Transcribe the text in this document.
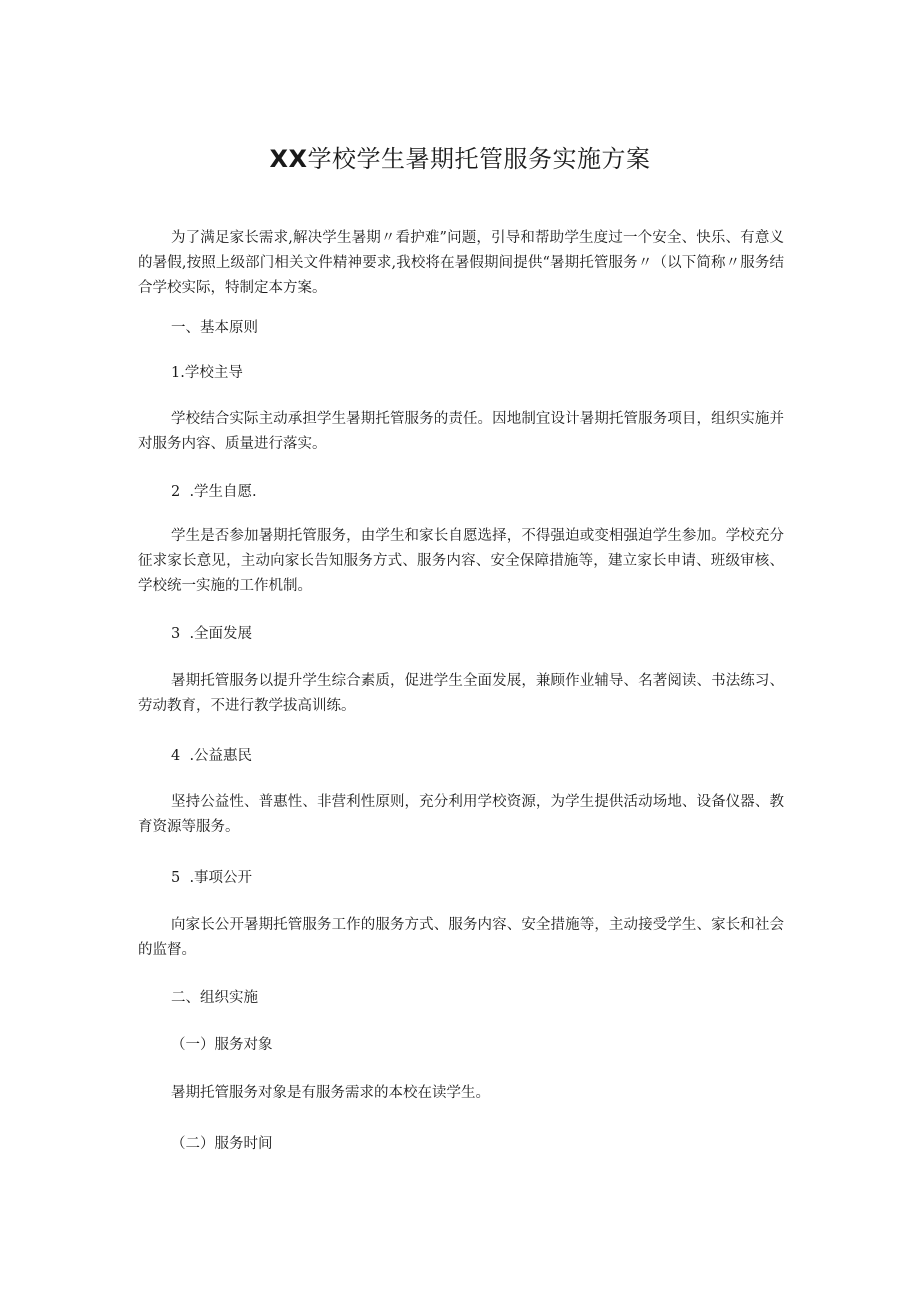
XX学校学生暑期托管服务实施方案

为了满足家长需求,解决学生暑期〃看护难”问题，引导和帮助学生度过一个安全、快乐、有意义的暑假,按照上级部门相关文件精神要求,我校将在暑假期间提供“暑期托管服务〃（以下简称〃服务结合学校实际，特制定本方案。

一、基本原则

1.学校主导

学校结合实际主动承担学生暑期托管服务的责任。因地制宜设计暑期托管服务项目，组织实施并对服务内容、质量进行落实。

2  .学生自愿.

学生是否参加暑期托管服务，由学生和家长自愿选择，不得强迫或变相强迫学生参加。学校充分征求家长意见，主动向家长告知服务方式、服务内容、安全保障措施等，建立家长申请、班级审核、学校统一实施的工作机制。

3  .全面发展

暑期托管服务以提升学生综合素质，促进学生全面发展，兼顾作业辅导、名著阅读、书法练习、劳动教育，不进行教学拔高训练。

4  .公益惠民

坚持公益性、普惠性、非营利性原则，充分利用学校资源，为学生提供活动场地、设备仪器、教育资源等服务。

5  .事项公开

向家长公开暑期托管服务工作的服务方式、服务内容、安全措施等，主动接受学生、家长和社会的监督。

二、组织实施

（一）服务对象

暑期托管服务对象是有服务需求的本校在读学生。

（二）服务时间
